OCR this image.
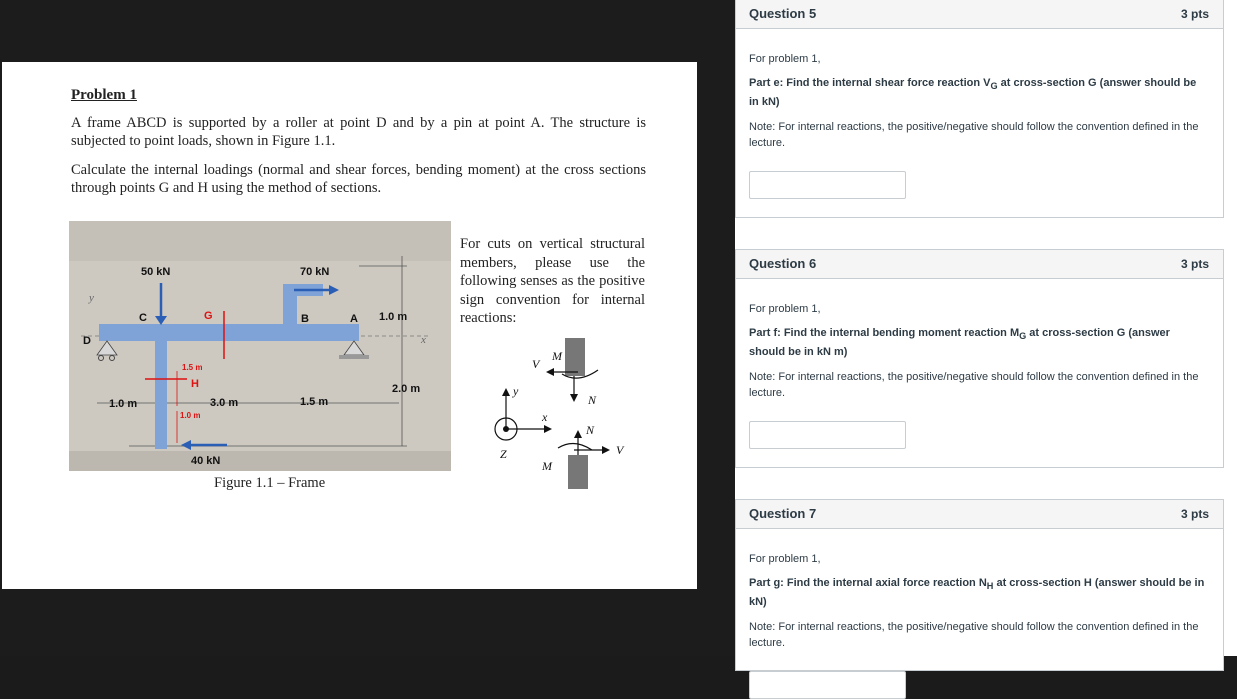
Problem 1
A frame ABCD is supported by a roller at point D and by a pin at point A. The structure is subjected to point loads, shown in Figure 1.1.
Calculate the internal loadings (normal and shear forces, bending moment) at the cross sections through points G and H using the method of sections.
50 kN	70 kN
40 kN
C	G	B	A
D
H
1.0 m
2.0 m
1.0 m	3.0 m	1.5 m
1.5 m
1.0 m
y
x
Figure 1.1 – Frame
For cuts on vertical structural members, please use the following senses as the positive sign convention for internal reactions:
y
x
Z
M
V
N
N
M
V
Question 5	3 pts

For problem 1,

Part e: Find the internal shear force reaction $V_G$ at cross-section G (answer should be in kN)

Note: For internal reactions, the positive/negative should follow the convention defined in the lecture.

Question 6	3 pts

For problem 1,

Part f: Find the internal bending moment reaction $M_G$ at cross-section G (answer should be in kN m)

Note: For internal reactions, the positive/negative should follow the convention defined in the lecture.

Question 7	3 pts

For problem 1,

Part g: Find the internal axial force reaction $N_H$ at cross-section H (answer should be in kN)

Note: For internal reactions, the positive/negative should follow the convention defined in the lecture.
